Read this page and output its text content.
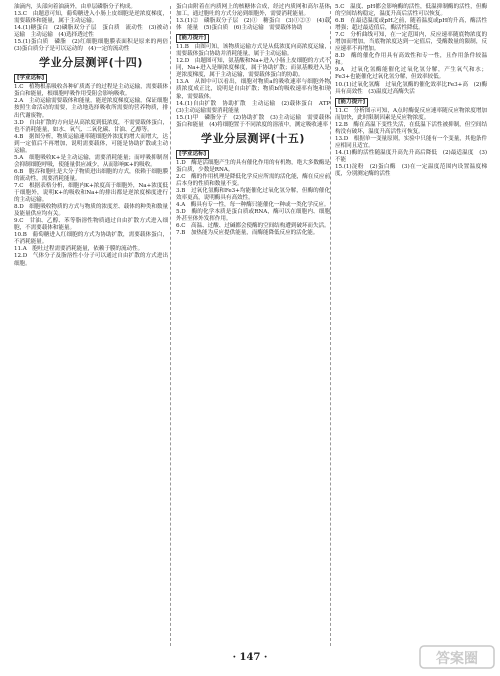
油滴内，头部向着油滴外，由单层磷脂分子构成。

13.C　由题意可知，葡萄糖进入小肠上皮细胞是逆浓度梯度，需要载体和能量，属于主动运输。

14.(1)糖蛋白　(2)磷脂双分子层　蛋白质　流动性　(3)被动运输　主动运输　(4)选择透过性

15.(1)蛋白质　磷脂　(2)红细胞细胞膜表面积是原来的两倍　(3)蛋白质分子是可以运动的　(4)一定的流动性

学业分层测评(十四)
[学业达标]

1.C　植物根系吸收各种矿质离子的过程是主动运输，需要载体蛋白和能量，根细胞呼吸作用受阻会影响吸收。

2.A　主动运输需要载体和能量，能逆浓度梯度运输，保证细胞按照生命活动的需要，主动地选择吸收所需要的营养物质，排出代谢废物。

3.D　自由扩散的方向是从高浓度到低浓度，不需要载体蛋白，也不消耗能量，如水、氧气、二氧化碳、甘油、乙醇等。

4.B　据图分析，物质运输速率随细胞外浓度的增大而增大，达到一定值后不再增加，说明需要载体，可能是协助扩散或主动运输。

5.A　细胞吸收K+是主动运输，需要消耗能量；而呼吸抑制剂会抑制细胞呼吸，使能量供应减少，从而影响K+的吸收。

6.B　胞吞和胞吐是大分子物质进出细胞的方式，依赖于细胞膜的流动性，需要消耗能量。

7.C　根据表格分析，细胞内K+浓度高于细胞外，Na+浓度低于细胞外，说明K+的吸收和Na+的排出都是逆浓度梯度进行的主动运输。

8.D　细胞吸收物质的方式与物质的浓度差、载体的种类和数量及能量供应均有关。

9.C　甘油、乙醇、苯等脂溶性物质通过自由扩散方式进入细胞，不需要载体和能量。

10.B　葡萄糖进入红细胞的方式为协助扩散，需要载体蛋白，不消耗能量。

11.A　胞吐过程需要消耗能量，依赖于膜的流动性。

12.D　气体分子及脂溶性小分子可以通过自由扩散的方式进出细胞。

蛋白由附着在内质网上的核糖体合成，经过内质网和高尔基体加工，通过胞吐的方式分泌到细胞外，需要消耗能量。

13.(1)②　磷脂双分子层　(2)①　糖蛋白　(3)①②③　(4)载体　能量　(5)蛋白质　(6)主动运输　需要载体协助

[能力提升]

11.B　由图可知，该物质运输方式是从低浓度向高浓度运输，需要载体蛋白协助并消耗能量，属于主动运输。

12.D　由题图可知，氨基酸和Na+进入小肠上皮细胞的方式不同，Na+进入是顺浓度梯度，属于协助扩散；而氨基酸进入是逆浓度梯度，属于主动运输，需要载体蛋白的协助。

13.A　从图中可以看出，细胞对物质a的吸收速率与细胞外物质浓度成正比，说明是自由扩散；物质b的吸收速率有饱和现象，需要载体。

14.(1)自由扩散　协助扩散　主动运输　(2)载体蛋白　ATP　(3)主动运输需要消耗能量

15.(1)甲　磷脂分子　(2)协助扩散　(3)主动运输　需要载体蛋白和能量　(4)将细胞置于不同浓度的溶液中，测定吸收速率

学业分层测评(十五)
[学业达标]

1.D　酶是活细胞产生的具有催化作用的有机物，绝大多数酶是蛋白质，少数是RNA。

2.C　酶的作用机理是降低化学反应所需的活化能，酶在反应前后本身的性质和数量不变。

3.B　过氧化氢酶和Fe3+均能催化过氧化氢分解，但酶的催化效率更高，说明酶具有高效性。

4.A　酶具有专一性，每一种酶只能催化一种或一类化学反应。

5.D　酶的化学本质是蛋白质或RNA，酶可以在细胞内、细胞外甚至体外发挥作用。

6.C　高温、过酸、过碱都会使酶的空间结构遭到破坏而失活。

7.B　加热能为反应提供能量，而酶能降低反应的活化能。

5.C　温度、pH都会影响酶的活性，低温抑制酶的活性，但酶的空间结构稳定，温度升高后活性可以恢复。

6.B　在最适温度或pH之前，随着温度或pH的升高，酶活性增强；超过最适值后，酶活性降低。

7.C　分析曲线可知，在一定范围内，反应速率随底物浓度的增加而增加，当底物浓度达到一定值后，受酶数量的限制，反应速率不再增加。

8.D　酶的催化作用具有高效性和专一性，且作用条件较温和。

9.A　过氧化氢酶能催化过氧化氢分解，产生氧气和水；Fe3+也能催化过氧化氢分解，但效率较低。

10.(1)过氧化氢酶　过氧化氢酶的催化效率比Fe3+高　(2)酶具有高效性　(3)温度过高酶失活

[能力提升]

11.C　分析图示可知，A点时酶促反应速率随反应物浓度增加而加快，此时限制因素是反应物浓度。

12.B　酶在高温下变性失活，在低温下活性被抑制，但空间结构没有破坏，温度升高活性可恢复。

13.D　根据单一变量原则，实验中只能有一个变量，其他条件应相同且适宜。

14.(1)酶的活性随温度升高先升高后降低　(2)最适温度　(3)不能

15.(1)淀粉　(2)蛋白酶　(3)在一定温度范围内设置温度梯度，分别测定酶的活性

· 147 ·	答案圈
